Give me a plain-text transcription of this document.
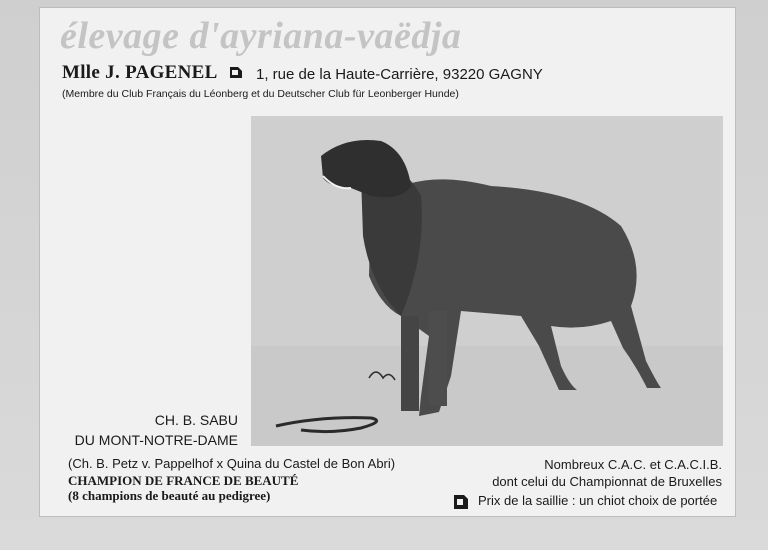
élevage d'ayriana-vaëdja
Mlle J. PAGENEL	1, rue de la Haute-Carrière, 93220 GAGNY
(Membre du Club Français du Léonberg et du Deutscher Club für Leonberger Hunde)
CH. B. SABU
DU MONT-NOTRE-DAME
(Ch. B. Petz v. Pappelhof x Quina du Castel de Bon Abri)
CHAMPION DE FRANCE DE BEAUTÉ
(8 champions de beauté au pedigree)
Nombreux C.A.C. et C.A.C.I.B.
dont celui du Championnat de Bruxelles
Prix de la saillie : un chiot choix de portée
